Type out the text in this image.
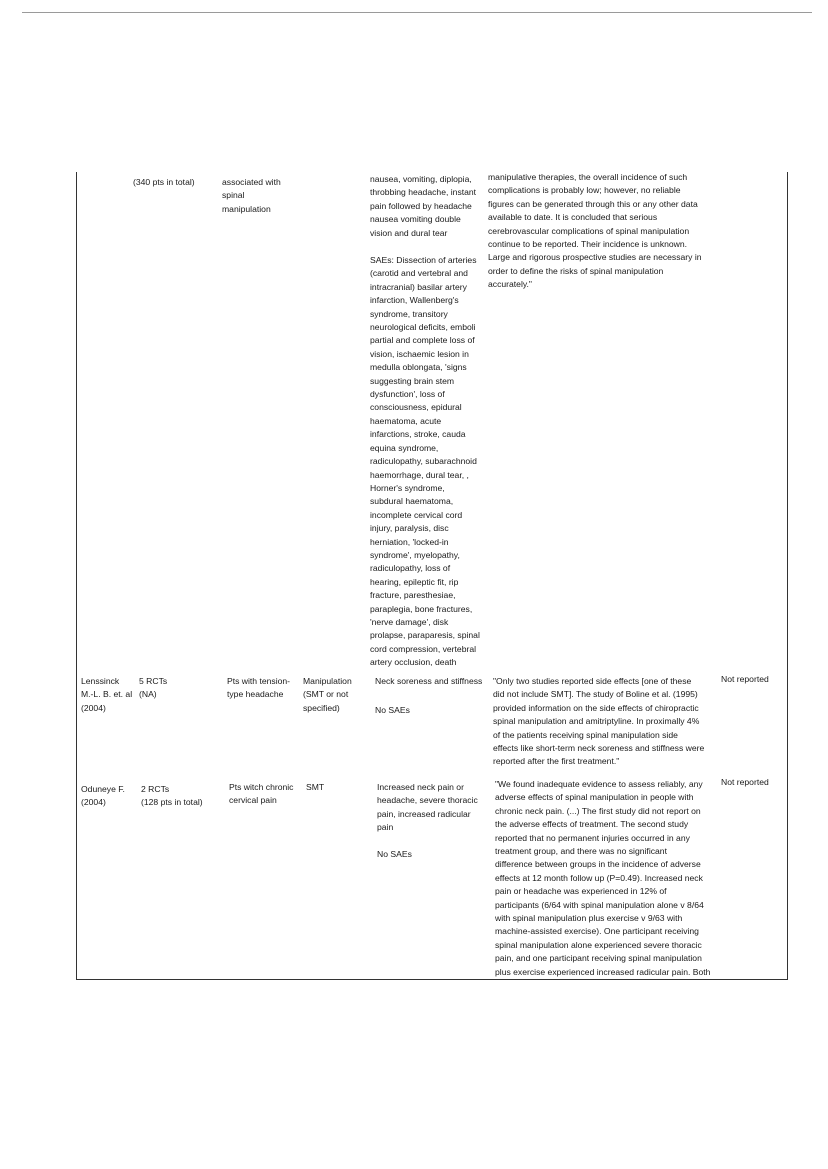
(340 pts in total)	associated with
spinal
manipulation

nausea, vomiting, diplopia,
throbbing headache, instant
pain followed by headache
nausea vomiting double
vision and dural tear

SAEs: Dissection of arteries
(carotid and vertebral and
intracranial) basilar artery
infarction, Wallenberg's
syndrome, transitory
neurological deficits, emboli
partial and complete loss of
vision, ischaemic lesion in
medulla oblongata, 'signs
suggesting brain stem
dysfunction', loss of
consciousness, epidural
haematoma, acute
infarctions, stroke, cauda
equina syndrome,
radiculopathy, subarachnoid
haemorrhage, dural tear, ,
Horner's syndrome,
subdural haematoma,
incomplete cervical cord
injury, paralysis, disc
herniation, 'locked-in
syndrome', myelopathy,
radiculopathy, loss of
hearing, epileptic fit, rip
fracture, paresthesiae,
paraplegia, bone fractures,
'nerve damage', disk
prolapse, paraparesis, spinal
cord compression, vertebral
artery occlusion, death

manipulative therapies, the overall incidence of such
complications is probably low; however, no reliable
figures can be generated through this or any other data
available to date. It is concluded that serious
cerebrovascular complications of spinal manipulation
continue to be reported. Their incidence is unknown.
Large and rigorous prospective studies are necessary in
order to define the risks of spinal manipulation
accurately."

Lenssinck
M.-L. B. et. al
(2004)

5 RCTs
(NA)

Pts with tension-
type headache

Manipulation
(SMT or not
specified)

Neck soreness and stiffness

No SAEs

"Only two studies reported side effects [one of these
did not include SMT]. The study of Boline et al. (1995)
provided information on the side effects of chiropractic
spinal manipulation and amitriptyline. In proximally 4%
of the patients receiving spinal manipulation side
effects like short-term neck soreness and stiffness were
reported after the first treatment."

Not reported

Oduneye F.
(2004)

2 RCTs
(128 pts in total)

Pts witch chronic
cervical pain

SMT	Increased neck pain or
headache, severe thoracic
pain, increased radicular
pain

No SAEs

"We found inadequate evidence to assess reliably, any
adverse effects of spinal manipulation in people with
chronic neck pain. (...) The first study did not report on
the adverse effects of treatment. The second study
reported that no permanent injuries occurred in any
treatment group, and there was no significant
difference between groups in the incidence of adverse
effects at 12 month follow up (P=0.49). Increased neck
pain or headache was experienced in 12% of
participants (6/64 with spinal manipulation alone v 8/64
with spinal manipulation plus exercise v 9/63 with
machine-assisted exercise). One participant receiving
spinal manipulation alone experienced severe thoracic
pain, and one participant receiving spinal manipulation
plus exercise experienced increased radicular pain. Both

Not reported
